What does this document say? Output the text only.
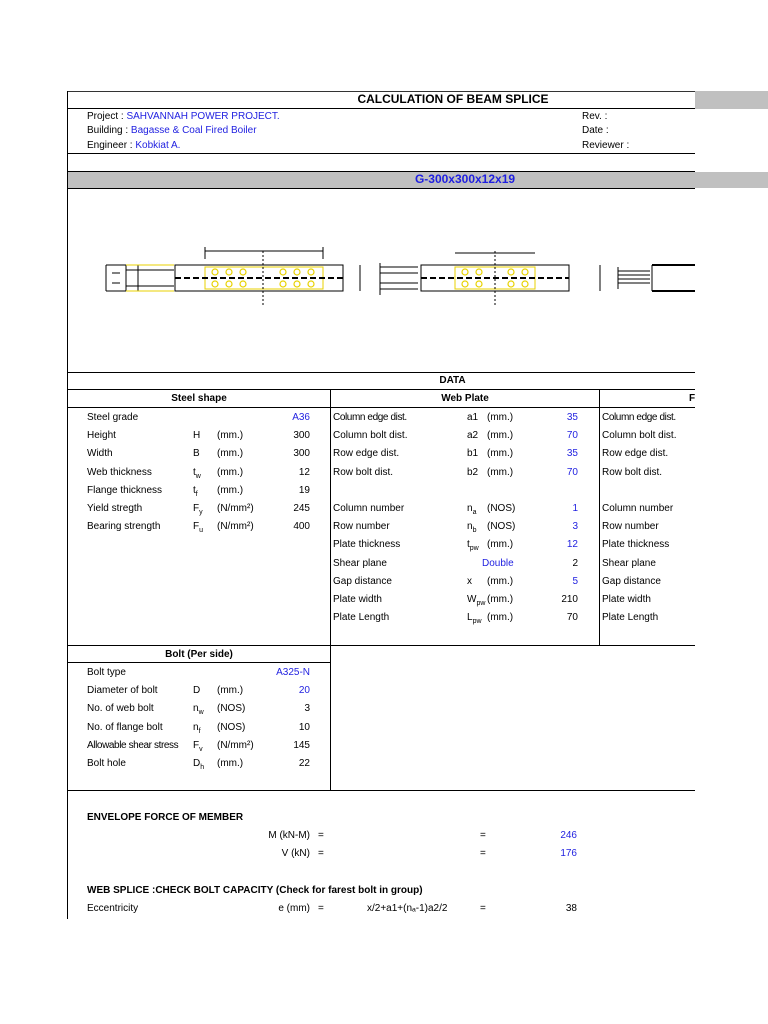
CALCULATION OF BEAM SPLICE
Project : SAHVANNAH POWER PROJECT.
Building : Bagasse & Coal Fired Boiler
Engineer : Kobkiat A.
Rev. :
Date :
Reviewer :
G-300x300x12x19
DATA
Steel shape	Web Plate	F
Steel grade	A36
Height	H (mm.)	300
Width	B (mm.)	300
Web thickness	$t_w$ (mm.)	12
Flange thickness	$t_f$ (mm.)	19
Yield stregth	$F_y$ (N/mm²)	245
Bearing strength	$F_u$ (N/mm²)	400
Column edge dist.	a1 (mm.)	35
Column bolt dist.	a2 (mm.)	70
Row edge dist.	b1 (mm.)	35
Row bolt dist.	b2 (mm.)	70
Column number	$n_a$ (NOS)	1
Row number	$n_b$ (NOS)	3
Plate thickness	$t_{pw}$ (mm.)	12
Shear plane	Double	2
Gap distance	x (mm.)	5
Plate width	$W_{pw}$ (mm.)	210
Plate Length	$L_{pw}$ (mm.)	70
Column edge dist.
Column bolt dist.
Row edge dist.
Row bolt dist.
Column number
Row number
Plate thickness
Shear plane
Gap distance
Plate width
Plate Length
Bolt (Per side)
Bolt type	A325-N
Diameter of bolt	D (mm.)	20
No. of web bolt	$n_w$ (NOS)	3
No. of flange bolt	$n_f$ (NOS)	10
Allowable shear stress $F_v$ (N/mm²)	145
Bolt hole	$D_h$ (mm.)	22
ENVELOPE FORCE OF MEMBER
M (kN-M) =	=	246
V (kN) =	=	176
WEB SPLICE :CHECK BOLT CAPACITY (Check for farest bolt in group)
Eccentricity	e (mm) =	x/2+a1+(nₐ-1)a2/2	=	38
